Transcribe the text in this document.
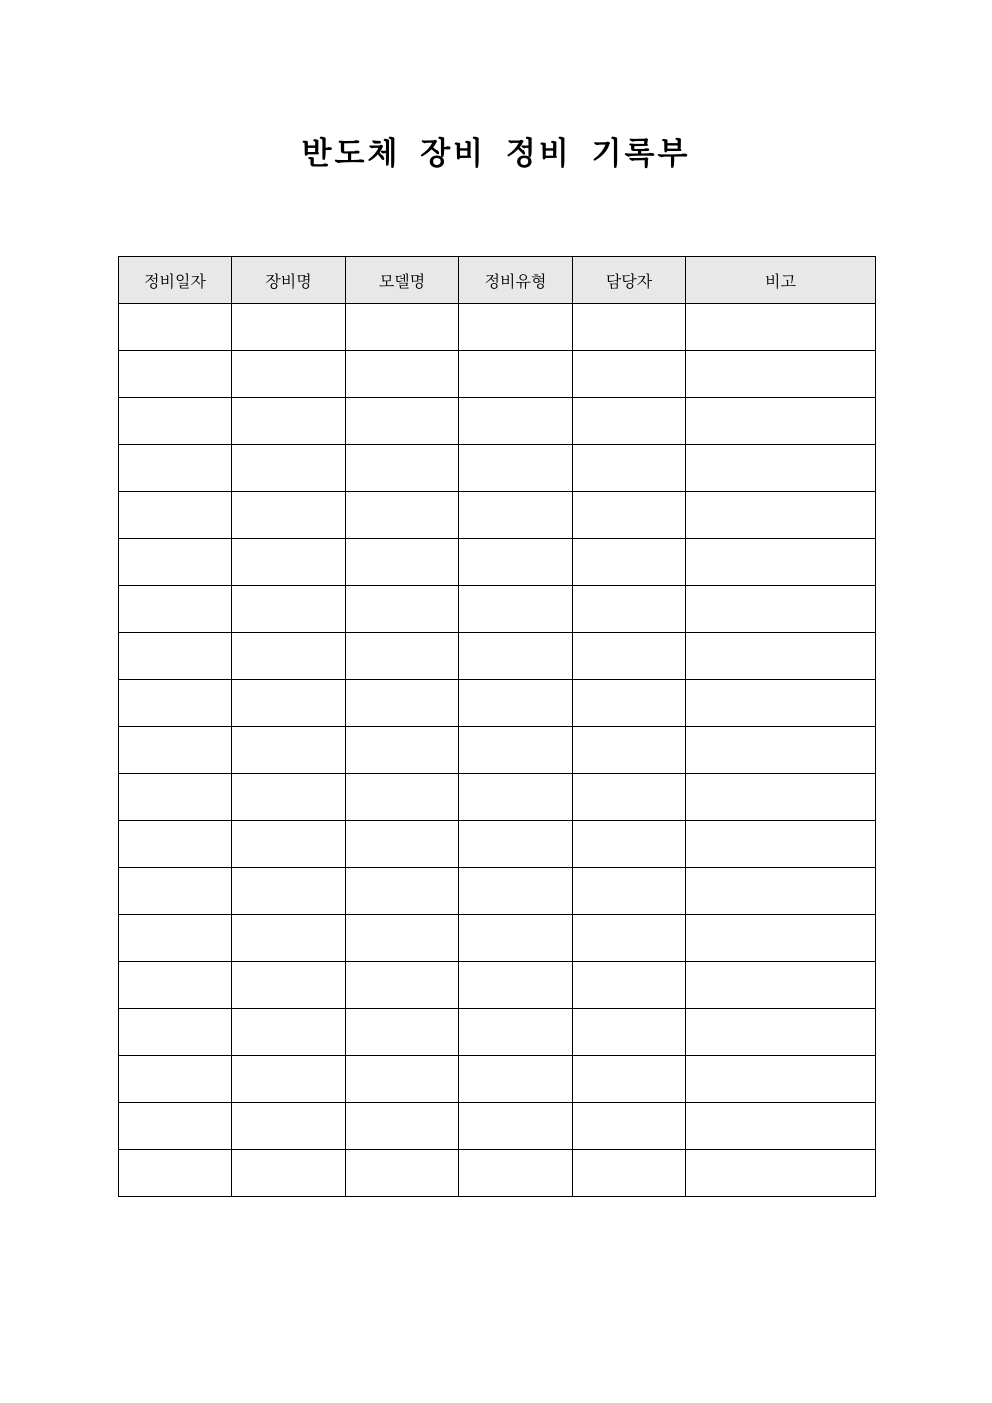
반도체 장비 정비 기록부
정비일자	장비명	모델명	정비유형	담당자	비고
